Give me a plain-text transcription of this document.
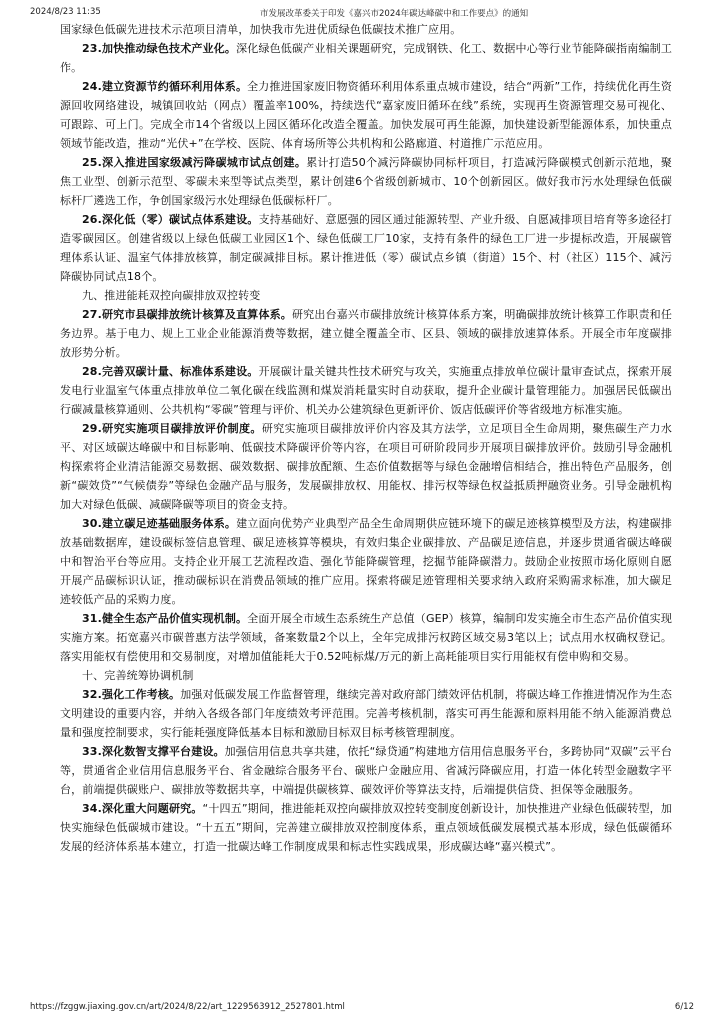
2024/8/23 11:35	市发展改革委关于印发《嘉兴市2024年碳达峰碳中和工作要点》的通知

国家绿色低碳先进技术示范项目清单，加快我市先进优质绿色低碳技术推广应用。

23.加快推动绿色技术产业化。深化绿色低碳产业相关课题研究，完成钢铁、化工、数据中心等行业节能降碳指南编制工作。

24.建立资源节约循环利用体系。全力推进国家废旧物资循环利用体系重点城市建设，结合“两新”工作，持续优化再生资源回收网络建设，城镇回收站（网点）覆盖率100%，持续迭代“嘉家废旧循环在线”系统，实现再生资源管理交易可视化、可跟踪、可上门。完成全市14个省级以上园区循环化改造全覆盖。加快发展可再生能源，加快建设新型能源体系，加快重点领域节能改造，推动“光伏+”在学校、医院、体育场所等公共机构和公路廊道、村道推广示范应用。

25.深入推进国家级减污降碳城市试点创建。累计打造50个减污降碳协同标杆项目，打造减污降碳模式创新示范地，聚焦工业型、创新示范型、零碳未来型等试点类型，累计创建6个省级创新城市、10个创新园区。做好我市污水处理绿色低碳标杆厂遴选工作，争创国家级污水处理绿色低碳标杆厂。

26.深化低（零）碳试点体系建设。支持基础好、意愿强的园区通过能源转型、产业升级、自愿减排项目培育等多途径打造零碳园区。创建省级以上绿色低碳工业园区1个、绿色低碳工厂10家，支持有条件的绿色工厂进一步提标改造，开展碳管理体系认证、温室气体排放核算，制定碳减排目标。累计推进低（零）碳试点乡镇（街道）15个、村（社区）115个、减污降碳协同试点18个。

九、推进能耗双控向碳排放双控转变

27.研究市县碳排放统计核算及直算体系。研究出台嘉兴市碳排放统计核算体系方案，明确碳排放统计核算工作职责和任务边界。基于电力、规上工业企业能源消费等数据，建立健全覆盖全市、区县、领域的碳排放速算体系。开展全市年度碳排放形势分析。

28.完善双碳计量、标准体系建设。开展碳计量关键共性技术研究与攻关，实施重点排放单位碳计量审查试点，探索开展发电行业温室气体重点排放单位二氧化碳在线监测和煤炭消耗量实时自动获取，提升企业碳计量管理能力。加强居民低碳出行碳减量核算通则、公共机构“零碳”管理与评价、机关办公建筑绿色更新评价、饭店低碳评价等省级地方标准实施。

29.研究实施项目碳排放评价制度。研究实施项目碳排放评价内容及其方法学，立足项目全生命周期，聚焦碳生产力水平、对区域碳达峰碳中和目标影响、低碳技术降碳评价等内容，在项目可研阶段同步开展项目碳排放评价。鼓励引导金融机构探索将企业清洁能源交易数据、碳效数据、碳排放配额、生态价值数据等与绿色金融增信相结合，推出特色产品服务，创新“碳效贷”“气候债券”等绿色金融产品与服务，发展碳排放权、用能权、排污权等绿色权益抵质押融资业务。引导金融机构加大对绿色低碳、减碳降碳等项目的资金支持。

30.建立碳足迹基础服务体系。建立面向优势产业典型产品全生命周期供应链环境下的碳足迹核算模型及方法，构建碳排放基础数据库，建设碳标签信息管理、碳足迹核算等模块，有效归集企业碳排放、产品碳足迹信息，并逐步贯通省碳达峰碳中和智治平台等应用。支持企业开展工艺流程改造、强化节能降碳管理，挖掘节能降碳潜力。鼓励企业按照市场化原则自愿开展产品碳标识认证，推动碳标识在消费品领域的推广应用。探索将碳足迹管理相关要求纳入政府采购需求标准，加大碳足迹较低产品的采购力度。

31.健全生态产品价值实现机制。全面开展全市域生态系统生产总值（GEP）核算，编制印发实施全市生态产品价值实现实施方案。拓宽嘉兴市碳普惠方法学领域，备案数量2个以上，全年完成排污权跨区域交易3笔以上；试点用水权确权登记。落实用能权有偿使用和交易制度，对增加值能耗大于0.52吨标煤/万元的新上高耗能项目实行用能权有偿申购和交易。

十、完善统筹协调机制

32.强化工作考核。加强对低碳发展工作监督管理，继续完善对政府部门绩效评估机制，将碳达峰工作推进情况作为生态文明建设的重要内容，并纳入各级各部门年度绩效考评范围。完善考核机制，落实可再生能源和原料用能不纳入能源消费总量和强度控制要求，实行能耗强度降低基本目标和激励目标双目标考核管理制度。

33.深化数智支撑平台建设。加强信用信息共享共建，依托“绿贷通”构建地方信用信息服务平台，多跨协同“双碳”云平台等，贯通省企业信用信息服务平台、省金融综合服务平台、碳账户金融应用、省减污降碳应用，打造一体化转型金融数字平台，前端提供碳账户、碳排放等数据共享，中端提供碳核算、碳效评价等算法支持，后端提供信贷、担保等金融服务。

34.深化重大问题研究。“十四五”期间，推进能耗双控向碳排放双控转变制度创新设计，加快推进产业绿色低碳转型，加快实施绿色低碳城市建设。“十五五”期间，完善建立碳排放双控制度体系，重点领域低碳发展模式基本形成，绿色低碳循环发展的经济体系基本建立，打造一批碳达峰工作制度成果和标志性实践成果，形成碳达峰“嘉兴模式”。

https://fzggw.jiaxing.gov.cn/art/2024/8/22/art_1229563912_2527801.html	6/12
